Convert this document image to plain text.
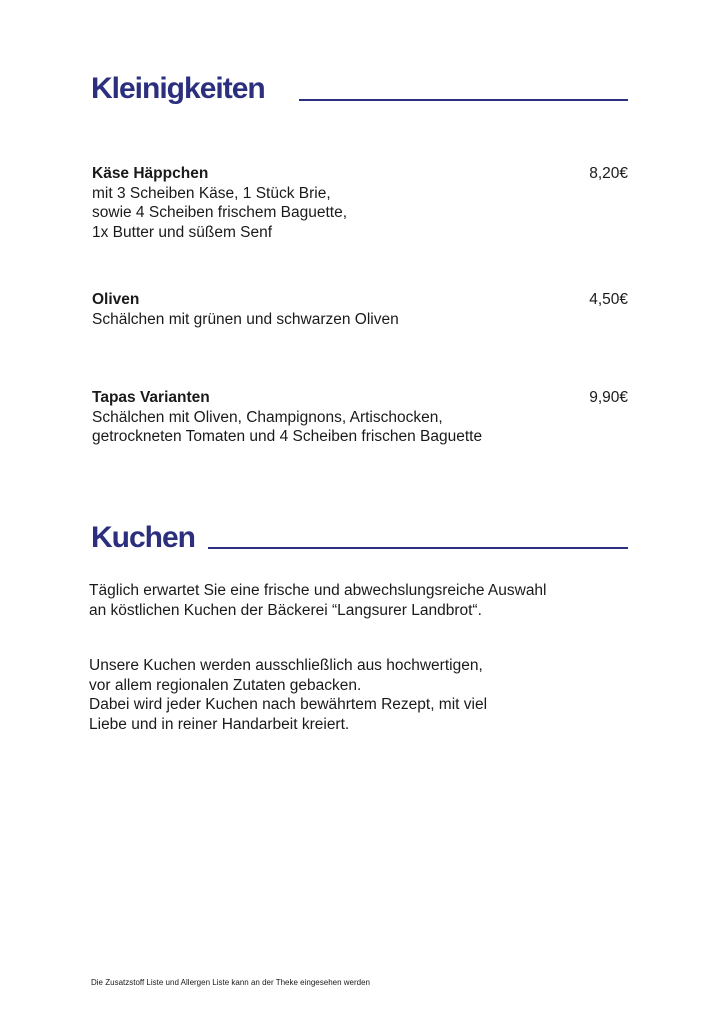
Kleinigkeiten
Käse Häppchen
mit 3 Scheiben Käse, 1 Stück Brie,
sowie 4 Scheiben frischem Baguette,
1x Butter und süßem Senf
8,20€
Oliven
Schälchen mit grünen und schwarzen Oliven
4,50€
Tapas Varianten
Schälchen mit Oliven, Champignons, Artischocken,
getrockneten Tomaten und 4 Scheiben frischen Baguette
9,90€
Kuchen
Täglich erwartet Sie eine frische und abwechslungsreiche Auswahl
an köstlichen Kuchen der Bäckerei “Langsurer Landbrot“.
Unsere Kuchen werden ausschließlich aus hochwertigen,
vor allem regionalen Zutaten gebacken.
Dabei wird jeder Kuchen nach bewährtem Rezept, mit viel
Liebe und in reiner Handarbeit kreiert.
Die Zusatzstoff Liste und Allergen Liste kann an der Theke eingesehen werden
